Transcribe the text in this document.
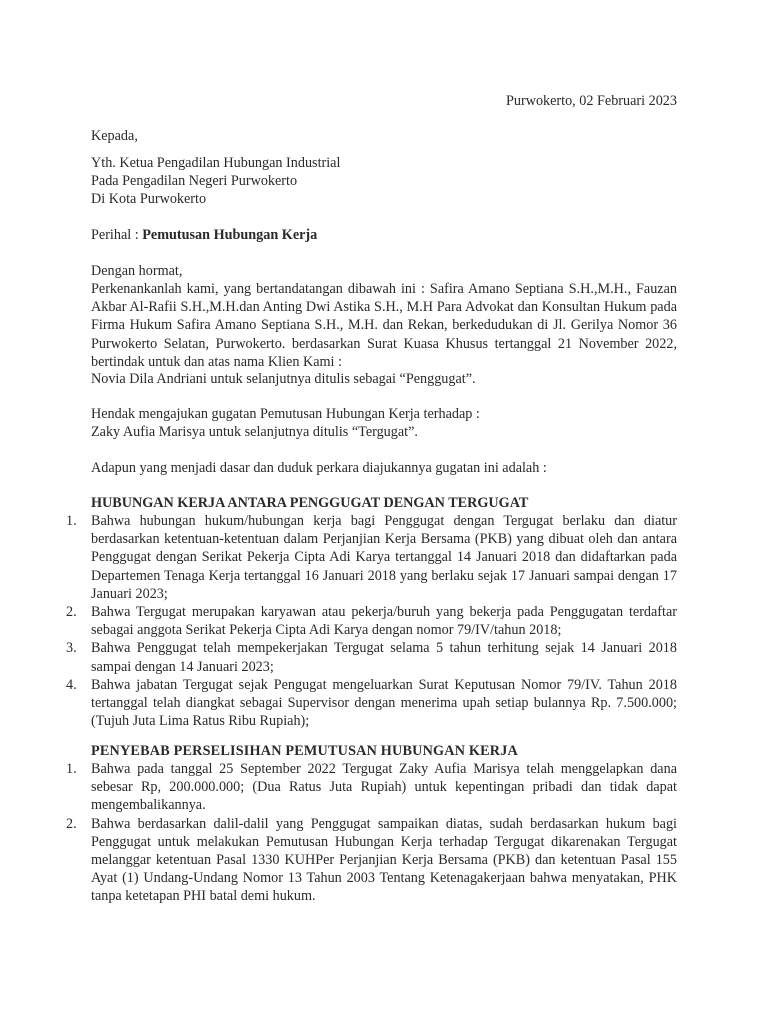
Purwokerto, 02 Februari 2023
Kepada,
Yth. Ketua Pengadilan Hubungan Industrial
Pada Pengadilan Negeri Purwokerto
Di Kota Purwokerto
Perihal : Pemutusan Hubungan Kerja
Dengan hormat,
Perkenankanlah kami, yang bertandatangan dibawah ini : Safira Amano Septiana S.H.,M.H., Fauzan Akbar Al-Rafii S.H.,M.H.dan Anting Dwi Astika S.H., M.H Para Advokat dan Konsultan Hukum pada Firma Hukum Safira Amano Septiana S.H., M.H. dan Rekan, berkedudukan di Jl. Gerilya Nomor 36 Purwokerto Selatan, Purwokerto. berdasarkan Surat Kuasa Khusus tertanggal 21 November 2022, bertindak untuk dan atas nama Klien Kami :
Novia Dila Andriani untuk selanjutnya ditulis sebagai “Penggugat”.
Hendak mengajukan gugatan Pemutusan Hubungan Kerja terhadap :
Zaky Aufia Marisya untuk selanjutnya ditulis “Tergugat”.
Adapun yang menjadi dasar dan duduk perkara diajukannya gugatan ini adalah :
HUBUNGAN KERJA ANTARA PENGGUGAT DENGAN TERGUGAT
1. Bahwa hubungan hukum/hubungan kerja bagi Penggugat dengan Tergugat berlaku dan diatur berdasarkan ketentuan-ketentuan dalam Perjanjian Kerja Bersama (PKB) yang dibuat oleh dan antara Penggugat dengan Serikat Pekerja Cipta Adi Karya tertanggal 14 Januari 2018 dan didaftarkan pada Departemen Tenaga Kerja tertanggal 16 Januari 2018 yang berlaku sejak 17 Januari sampai dengan 17 Januari 2023;
2. Bahwa Tergugat merupakan karyawan atau pekerja/buruh yang bekerja pada Penggugatan terdaftar sebagai anggota Serikat Pekerja Cipta Adi Karya dengan nomor 79/IV/tahun 2018;
3. Bahwa Penggugat telah mempekerjakan Tergugat selama 5 tahun terhitung sejak 14 Januari 2018 sampai dengan 14 Januari 2023;
4. Bahwa jabatan Tergugat sejak Pengugat mengeluarkan Surat Keputusan Nomor 79/IV. Tahun 2018 tertanggal telah diangkat sebagai Supervisor dengan menerima upah setiap bulannya Rp. 7.500.000; (Tujuh Juta Lima Ratus Ribu Rupiah);
PENYEBAB PERSELISIHAN PEMUTUSAN HUBUNGAN KERJA
1. Bahwa pada tanggal 25 September 2022 Tergugat Zaky Aufia Marisya telah menggelapkan dana sebesar Rp, 200.000.000; (Dua Ratus Juta Rupiah) untuk kepentingan pribadi dan tidak dapat mengembalikannya.
2. Bahwa berdasarkan dalil-dalil yang Penggugat sampaikan diatas, sudah berdasarkan hukum bagi Penggugat untuk melakukan Pemutusan Hubungan Kerja terhadap Tergugat dikarenakan Tergugat melanggar ketentuan Pasal 1330 KUHPer Perjanjian Kerja Bersama (PKB) dan ketentuan Pasal 155 Ayat (1) Undang-Undang Nomor 13 Tahun 2003 Tentang Ketenagakerjaan bahwa menyatakan, PHK tanpa ketetapan PHI batal demi hukum.
